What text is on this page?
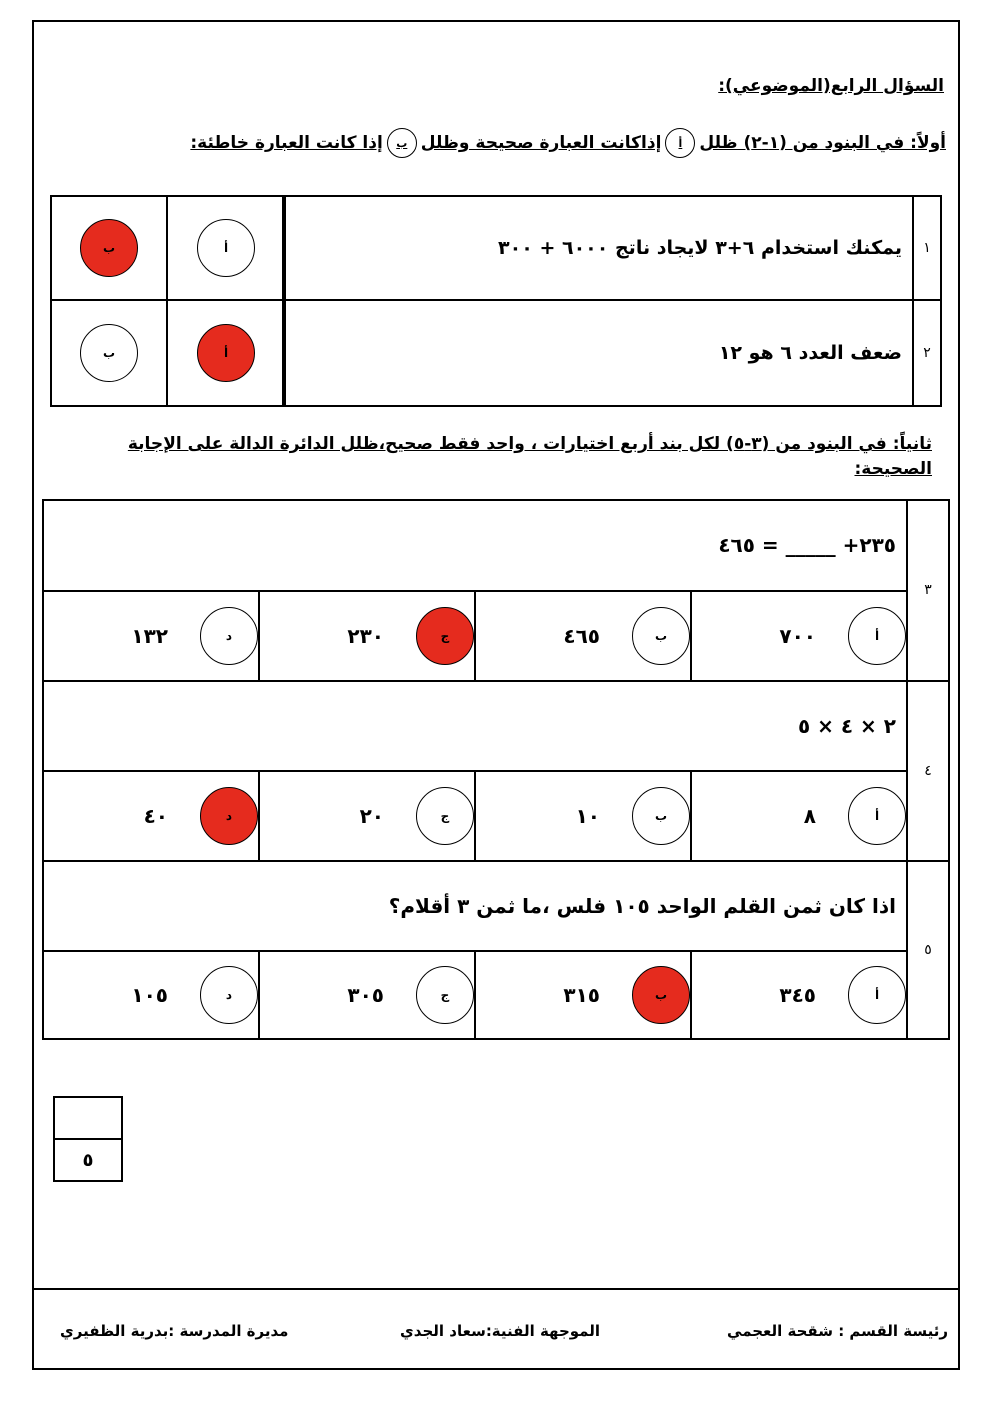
السؤال الرابع(الموضوعي):
أولاً: في البنود من (١-٢) ظلل
أ
إذاكانت العبارة صحيحة وظلل
ب
إذا كانت العبارة خاطئة:
١
يمكنك استخدام ٦+٣ لايجاد ناتج ٦٠٠٠ + ٣٠٠
أ
ب
٢
ضعف العدد ٦ هو ١٢
أ
ب
ثانياً: في البنود من (٣-٥) لكل بند أربع اختيارات ، واحد فقط صحيح،ظلل الدائرة الدالة على الإجابة الصحيحة:
٣
٢٣٥+ _____ = ٤٦٥
أ
٧٠٠
ب
٤٦٥
ج
٢٣٠
د
١٣٢
٤
٢ × ٤ × ٥
أ
٨
ب
١٠
ج
٢٠
د
٤٠
٥
اذا كان ثمن القلم الواحد ١٠٥ فلس ،ما ثمن ٣ أقلام؟
أ
٣٤٥
ب
٣١٥
ج
٣٠٥
د
١٠٥
٥
رئيسة القسم : شقحة العجمي
الموجهة الفنية:سعاد الجدي
مديرة المدرسة :بدرية الظفيري
